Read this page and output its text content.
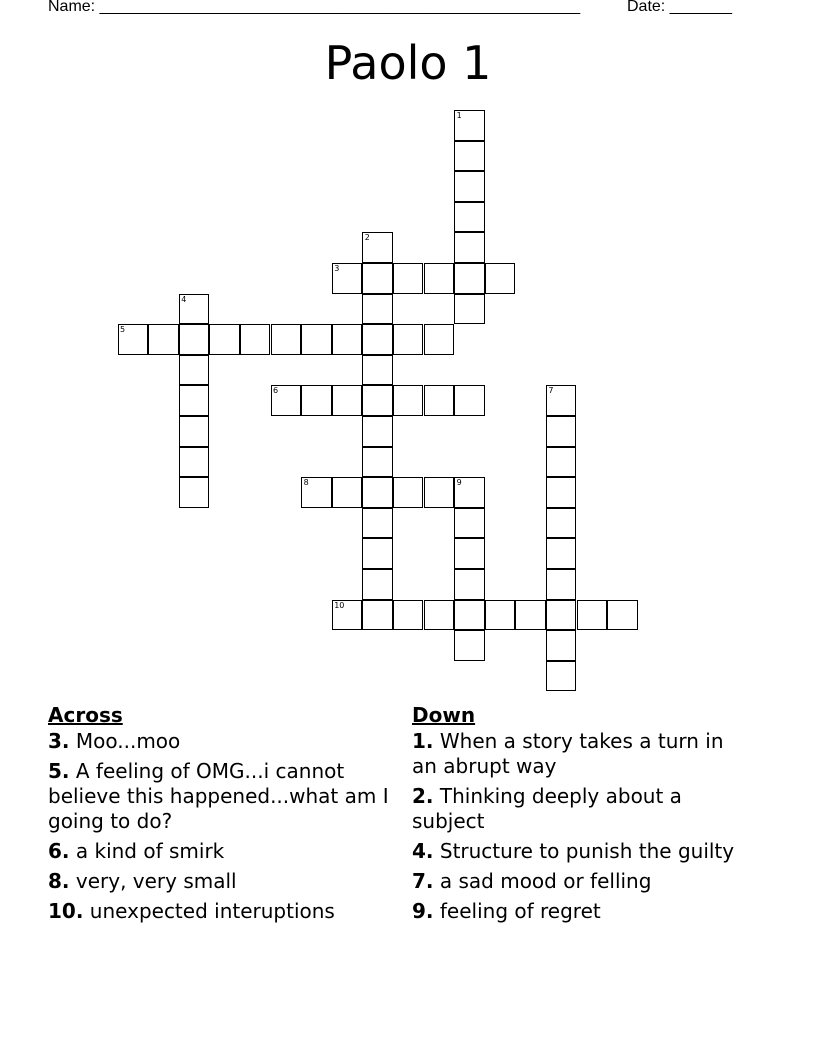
Name: ______________________________________________________	Date: _______
Paolo 1
1
2
3
4
5
6	7
8	9
10
Across
3. Moo...moo
5. A feeling of OMG...i cannot believe this happened...what am I going to do?
6. a kind of smirk
8. very, very small
10. unexpected interuptions
Down
1. When a story takes a turn in an abrupt way
2. Thinking deeply about a subject
4. Structure to punish the guilty
7. a sad mood or felling
9. feeling of regret
